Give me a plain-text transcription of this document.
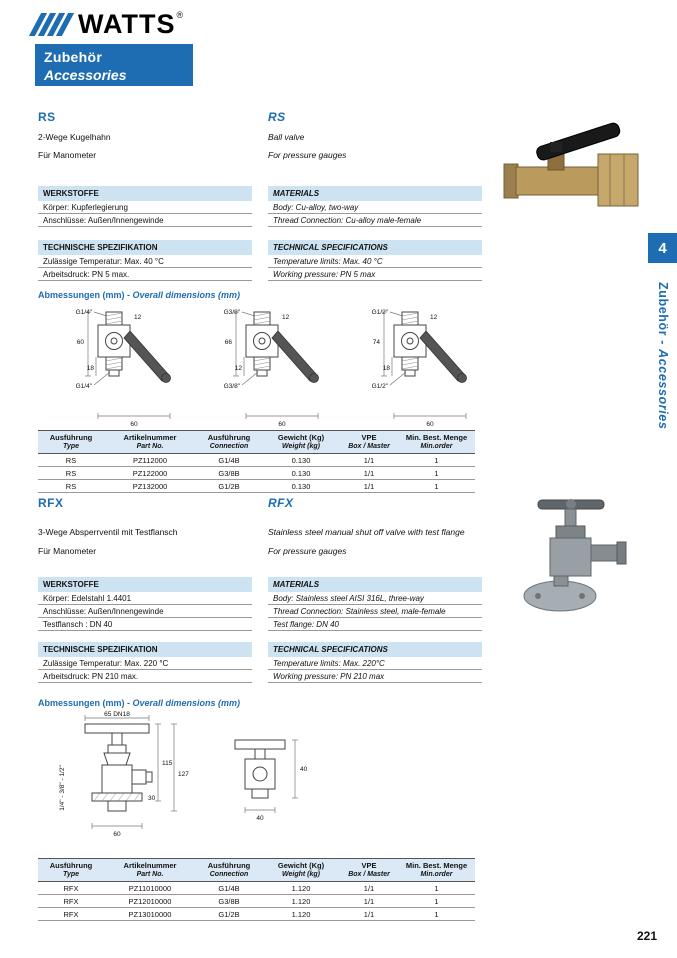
WATTS ®
Zubehör
Accessories
4
Zubehör - Accessories
RS	RS
2-Wege Kugelhahn
Für Manometer
Ball valve
For pressure gauges
WERKSTOFFE
Körper: Kupferlegierung
Anschlüsse: Außen/Innengewinde
MATERIALS
Body: Cu-alloy, two-way
Thread Connection: Cu-alloy male-female
TECHNISCHE SPEZIFIKATION
Zulässige Temperatur: Max. 40 °C
Arbeitsdruck: PN 5 max.
TECHNICAL SPECIFICATIONS
Temperature limits: Max. 40 °C
Working pressure: PN 5 max
Abmessungen (mm) - Overall dimensions (mm)
G1/4"
60
18
12
G1/4"
60
G3/8"
66
12
12
G3/8"
60
G1/2"
74
18
12
G1/2"
60
Ausführung
Type

Artikelnummer
Part No.

Ausführung
Connection

Gewicht (Kg)
Weight (kg)

VPE
Box / Master

Min. Best. Menge
Min.order

RS	PZ112000	G1/4B	0.130	1/1	1
RS	PZ122000	G3/8B	0.130	1/1	1
RS	PZ132000	G1/2B	0.130	1/1	1
RFX	RFX
3-Wege Absperrventil mit Testflansch
Für Manometer
Stainless steel manual shut off valve with test flange
For pressure gauges
WERKSTOFFE
Körper: Edelstahl 1.4401
Anschlüsse: Außen/Innengewinde
Testflansch : DN 40
MATERIALS
Body: Stainless steel AISI 316L, three-way
Thread Connection: Stainless steel, male-female
Test flange: DN 40
TECHNISCHE SPEZIFIKATION
Zulässige Temperatur: Max. 220 °C
Arbeitsdruck: PN 210 max.
TECHNICAL SPECIFICATIONS
Temperature limits: Max. 220°C
Working pressure: PN 210 max
Abmessungen (mm) - Overall dimensions (mm)
65 DN18
115
127
30
60
1/4" - 3/8" - 1/2"	40
40
Ausführung
Type

Artikelnummer
Part No.

Ausführung
Connection

Gewicht (Kg)
Weight (kg)

VPE
Box / Master

Min. Best. Menge
Min.order

RFX	PZ11010000	G1/4B	1.120	1/1	1
RFX	PZ12010000	G3/8B	1.120	1/1	1
RFX	PZ13010000	G1/2B	1.120	1/1	1
221
